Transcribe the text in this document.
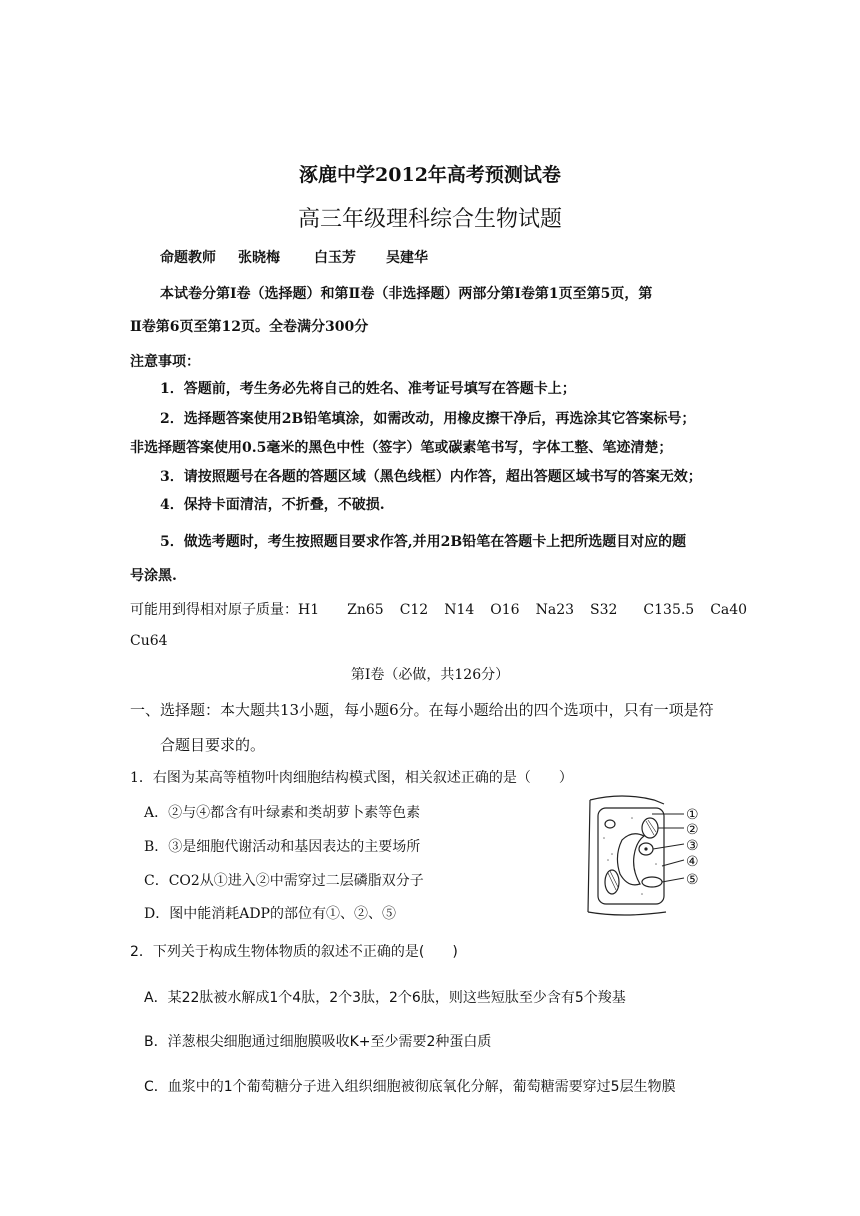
涿鹿中学2012年高考预测试卷
高三年级理科综合生物试题
命题教师 张晓梅 白玉芳 吴建华
本试卷分第Ⅰ卷（选择题）和第Ⅱ卷（非选择题）两部分第Ⅰ卷第1页至第5页，第
Ⅱ卷第6页至第12页。全卷满分300分
注意事项：
1．答题前，考生务必先将自己的姓名、准考证号填写在答题卡上；
2．选择题答案使用2B铅笔填涂，如需改动，用橡皮擦干净后，再选涂其它答案标号；
非选择题答案使用0.5毫米的黑色中性（签字）笔或碳素笔书写，字体工整、笔迹清楚；
3．请按照题号在各题的答题区域（黑色线框）内作答，超出答题区域书写的答案无效；
4．保持卡面清洁，不折叠，不破损.
5．做选考题时，考生按照题目要求作答,并用2B铅笔在答题卡上把所选题目对应的题
号涂黑.
可能用到得相对原子质量：H1 Zn65 C12 N14 O16 Na23 S32 C135.5 Ca40
Cu64
第Ⅰ卷（必做，共126分）
一、选择题：本大题共13小题，每小题6分。在每小题给出的四个选项中，只有一项是符
合题目要求的。
1．右图为某高等植物叶肉细胞结构模式图，相关叙述正确的是（　　）
A．②与④都含有叶绿素和类胡萝卜素等色素
B．③是细胞代谢活动和基因表达的主要场所
C．CO2从①进入②中需穿过二层磷脂双分子
D．图中能消耗ADP的部位有①、②、⑤
①
②
③
④
⑤
2．下列关于构成生物体物质的叙述不正确的是(　　)
A．某22肽被水解成1个4肽，2个3肽，2个6肽，则这些短肽至少含有5个羧基
B．洋葱根尖细胞通过细胞膜吸收K+至少需要2种蛋白质
C．血浆中的1个葡萄糖分子进入组织细胞被彻底氧化分解，葡萄糖需要穿过5层生物膜
